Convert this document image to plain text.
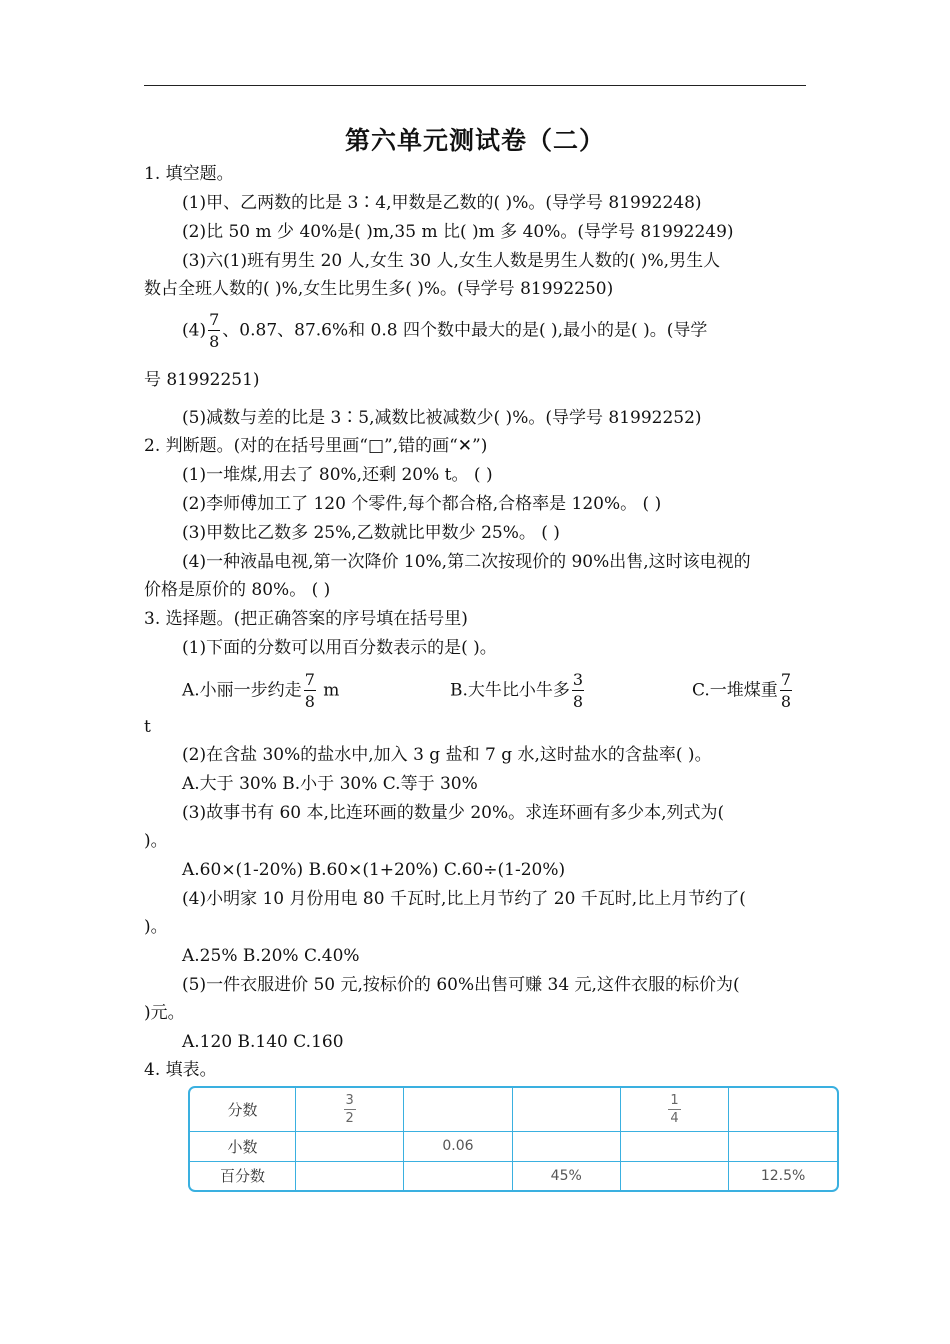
第六单元测试卷（二）
1. 填空题。
(1)甲、乙两数的比是 3∶4,甲数是乙数的( )%。(导学号 81992248)
(2)比 50 m 少 40%是( )m,35 m 比( )m 多 40%。(导学号 81992249)
(3)六(1)班有男生 20 人,女生 30 人,女生人数是男生人数的( )%,男生人
数占全班人数的( )%,女生比男生多( )%。(导学号 81992250)
$(4) \frac{7}{8}$ 、0.87、87.6%和 0.8 四个数中最大的是( ),最小的是( )。(导学
号 81992251)
(5)减数与差的比是 3∶5,减数比被减数少( )%。(导学号 81992252)
2. 判断题。(对的在括号里画“□”,错的画“✕”)
(1)一堆煤,用去了 80%,还剩 20% t。 ( )
(2)李师傅加工了 120 个零件,每个都合格,合格率是 120%。 ( )
(3)甲数比乙数多 25%,乙数就比甲数少 25%。 ( )
(4)一种液晶电视,第一次降价 10%,第二次按现价的 90%出售,这时该电视的
价格是原价的 80%。 ( )
3. 选择题。(把正确答案的序号填在括号里)
(1)下面的分数可以用百分数表示的是( )。
A.小丽一步约走 $\frac{7}{8}$ m	B.大牛比小牛多 $\frac{3}{8}$	C.一堆煤重 $\frac{7}{8}$
t
(2)在含盐 30%的盐水中,加入 3 g 盐和 7 g 水,这时盐水的含盐率( )。
A.大于 30% B.小于 30% C.等于 30%
(3)故事书有 60 本,比连环画的数量少 20%。求连环画有多少本,列式为(
)。
A.60×(1-20%) B.60×(1+20%) C.60÷(1-20%)
(4)小明家 10 月份用电 80 千瓦时,比上月节约了 20 千瓦时,比上月节约了(
)。
A.25% B.20% C.40%
(5)一件衣服进价 50 元,按标价的 60%出售可赚 34 元,这件衣服的标价为(
)元。
A.120 B.140 C.160
4. 填表。
分数	$\frac{3}{2}$			$\frac{1}{4}$

小数		0.06			
百分数			45%		12.5%
